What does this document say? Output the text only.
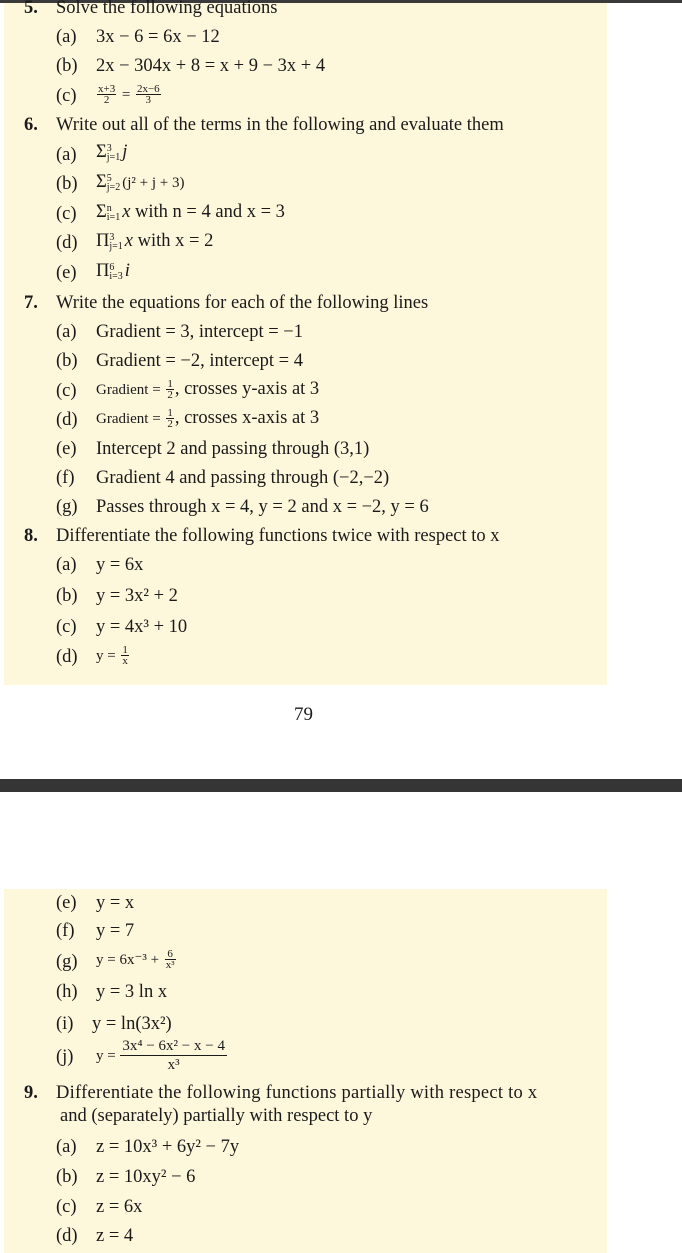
5. Solve the following equations
(a) 3x − 6 = 6x − 12
(b) 2x − 304x + 8 = x + 9 − 3x + 4
$(c) \frac{x+3}{2} = \frac{2x-6}{3}$
6. Write out all of the terms in the following and evaluate them
(a) Σ 3
j=1 j
(b) Σ 5
j=2 (j² + j + 3)
(c) Σ n
i=1 x with n = 4 and x = 3
(d) Π 3
j=1 x with x = 2
(e) Π 6
i=3 i
7. Write the equations for each of the following lines
(a) Gradient = 3, intercept = −1
(b) Gradient = −2, intercept = 4
(c) Gradient = $\frac{1}{2}$ , crosses y-axis at 3
(d) Gradient = $\frac{1}{2}$ , crosses x-axis at 3
(e) Intercept 2 and passing through (3,1)
(f) Gradient 4 and passing through (−2,−2)
(g) Passes through x = 4, y = 2 and x = −2, y = 6
8. Differentiate the following functions twice with respect to x
(a) y = 6x
(b) y = 3x² + 2
(c) y = 4x³ + 10
(d) $y = \frac{1}{x}$
79
(e) y = x
(f) y = 7
(g) $y = 6x^{-3} + \frac{6}{\text{x³}}$
(h) y = 3 ln x
(i) y = ln(3x²)
(j) $y = \frac{\text{3x⁴ − 6x² − x − 4}}{\text{x³}}$
9. Differentiate the following functions partially with respect to x
and (separately) partially with respect to y
(a) z = 10x³ + 6y² − 7y
(b) z = 10xy² − 6
(c) z = 6x
(d) z = 4
